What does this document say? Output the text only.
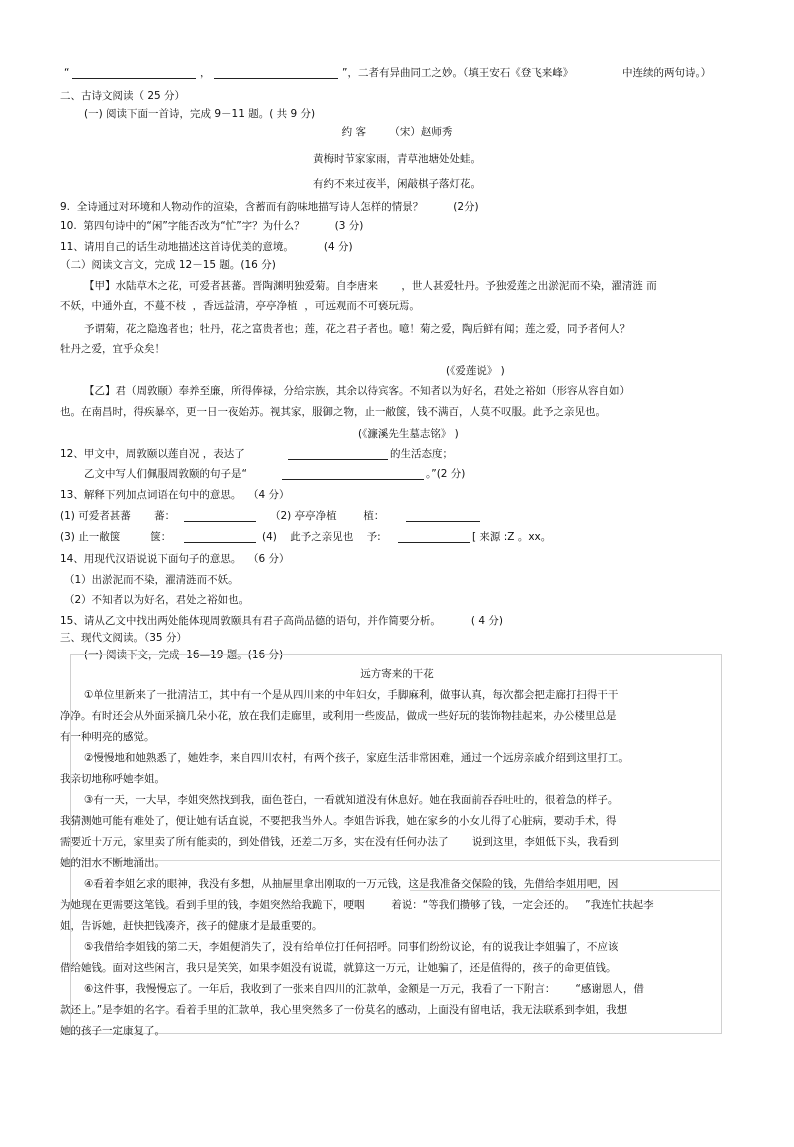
“	，	”，二者有异曲同工之妙。（填王安石《登飞来峰》	中连续的两句诗。）
二、古诗文阅读（ 25 分）
(一) 阅读下面一首诗，完成 9－11 题。( 共 9 分)
约 客       （宋）赵师秀
黄梅时节家家雨，青草池塘处处蛙。
有约不来过夜半，闲敲棋子落灯花。
9.  全诗通过对环境和人物动作的渲染，含蓄而有韵味地描写诗人怎样的情景？         (2分)
10.  第四句诗中的“闲”字能否改为“忙”字？为什么？         (3 分)
11、请用自己的话生动地描述这首诗优美的意境。         (4 分)
（二）阅读文言文，完成 12－15 题。(16 分)
【甲】水陆草木之花，可爱者甚蕃。晋陶渊明独爱菊。自李唐来       ，世人甚爱牡丹。予独爱莲之出淤泥而不染，濯清涟 而
不妖，中通外直，不蔓不枝  ，香远益清，亭亭净植  ，可远观而不可亵玩焉。
予谓菊，花之隐逸者也；牡丹，花之富贵者也；莲，花之君子者也。噫！菊之爱，陶后鲜有闻；莲之爱，同予者何人？
牡丹之爱，宜乎众矣！
(《爱莲说》 )
【乙】君（周敦颐）奉养至廉，所得俸禄，分给宗族，其余以待宾客。不知者以为好名，君处之裕如（形容从容自如）
也。在南昌时，得疾暴卒，更一日一夜始苏。视其家，服御之物，止一敝箧，钱不满百，人莫不叹服。此予之亲见也。
(《濂溪先生墓志铭》 )
12、甲文中，周敦颐以莲自况 ，表达了	的生活态度；
乙文中写人们佩服周敦颐的句子是“	。”(2 分)
13、解释下列加点词语在句中的意思。  （4 分）
(1) 可爱者甚蕃       蕃：	（2) 亭亭净植        植：
(3) 止一敝箧         箧：	(4)    此予之亲见也    予:	[ 来源 :Z 。xx。
14、用现代汉语说说下面句子的意思。  （6 分）
（1）出淤泥而不染，濯清涟而不妖。
（2）不知者以为好名，君处之裕如也。
15、请从乙文中找出两处能体现周敦颐具有君子高尚品德的语句，并作简要分析。         ( 4 分)
三、现代文阅读。（35 分）
(一) 阅读下文，完成  16—19 题。(16 分)
远方寄来的干花
①单位里新来了一批清洁工，其中有一个是从四川来的中年妇女，手脚麻利，做事认真，每次都会把走廊打扫得干干
净净。有时还会从外面采摘几朵小花，放在我们走廊里，或利用一些废品，做成一些好玩的装饰物挂起来，办公楼里总是
有一种明亮的感觉。
②慢慢地和她熟悉了，她姓李，来自四川农村，有两个孩子，家庭生活非常困难，通过一个远房亲戚介绍到这里打工。
我亲切地称呼她李姐。
③有一天，一大早，李姐突然找到我，面色苍白，一看就知道没有休息好。她在我面前吞吞吐吐的，很着急的样子。
我猜测她可能有难处了，便让她有话直说，不要把我当外人。李姐告诉我，她在家乡的小女儿得了心脏病，要动手术，得
需要近十万元，家里卖了所有能卖的，到处借钱，还差二万多，实在没有任何办法了       说到这里，李姐低下头，我看到
她的泪水不断地涌出。
④看着李姐乞求的眼神，我没有多想，从抽屉里拿出刚取的一万元钱，这是我准备交保险的钱，先借给李姐用吧，因
为她现在更需要这笔钱。看到手里的钱，李姐突然给我跪下，哽咽        着说：“等我们攒够了钱，一定会还的。   ”我连忙扶起李
姐，告诉她，赶快把钱凑齐，孩子的健康才是最重要的。
⑤我借给李姐钱的第二天，李姐便消失了，没有给单位打任何招呼。同事们纷纷议论，有的说我让李姐骗了，不应该
借给她钱。面对这些闲言，我只是笑笑，如果李姐没有说谎，就算这一万元，让她骗了，还是值得的，孩子的命更值钱。
⑥这件事，我慢慢忘了。一年后，我收到了一张来自四川的汇款单，金额是一万元，我看了一下附言：      “感谢恩人，借
款还上。”是李姐的名字。看着手里的汇款单，我心里突然多了一份莫名的感动，上面没有留电话，我无法联系到李姐，我想
她的孩子一定康复了。
